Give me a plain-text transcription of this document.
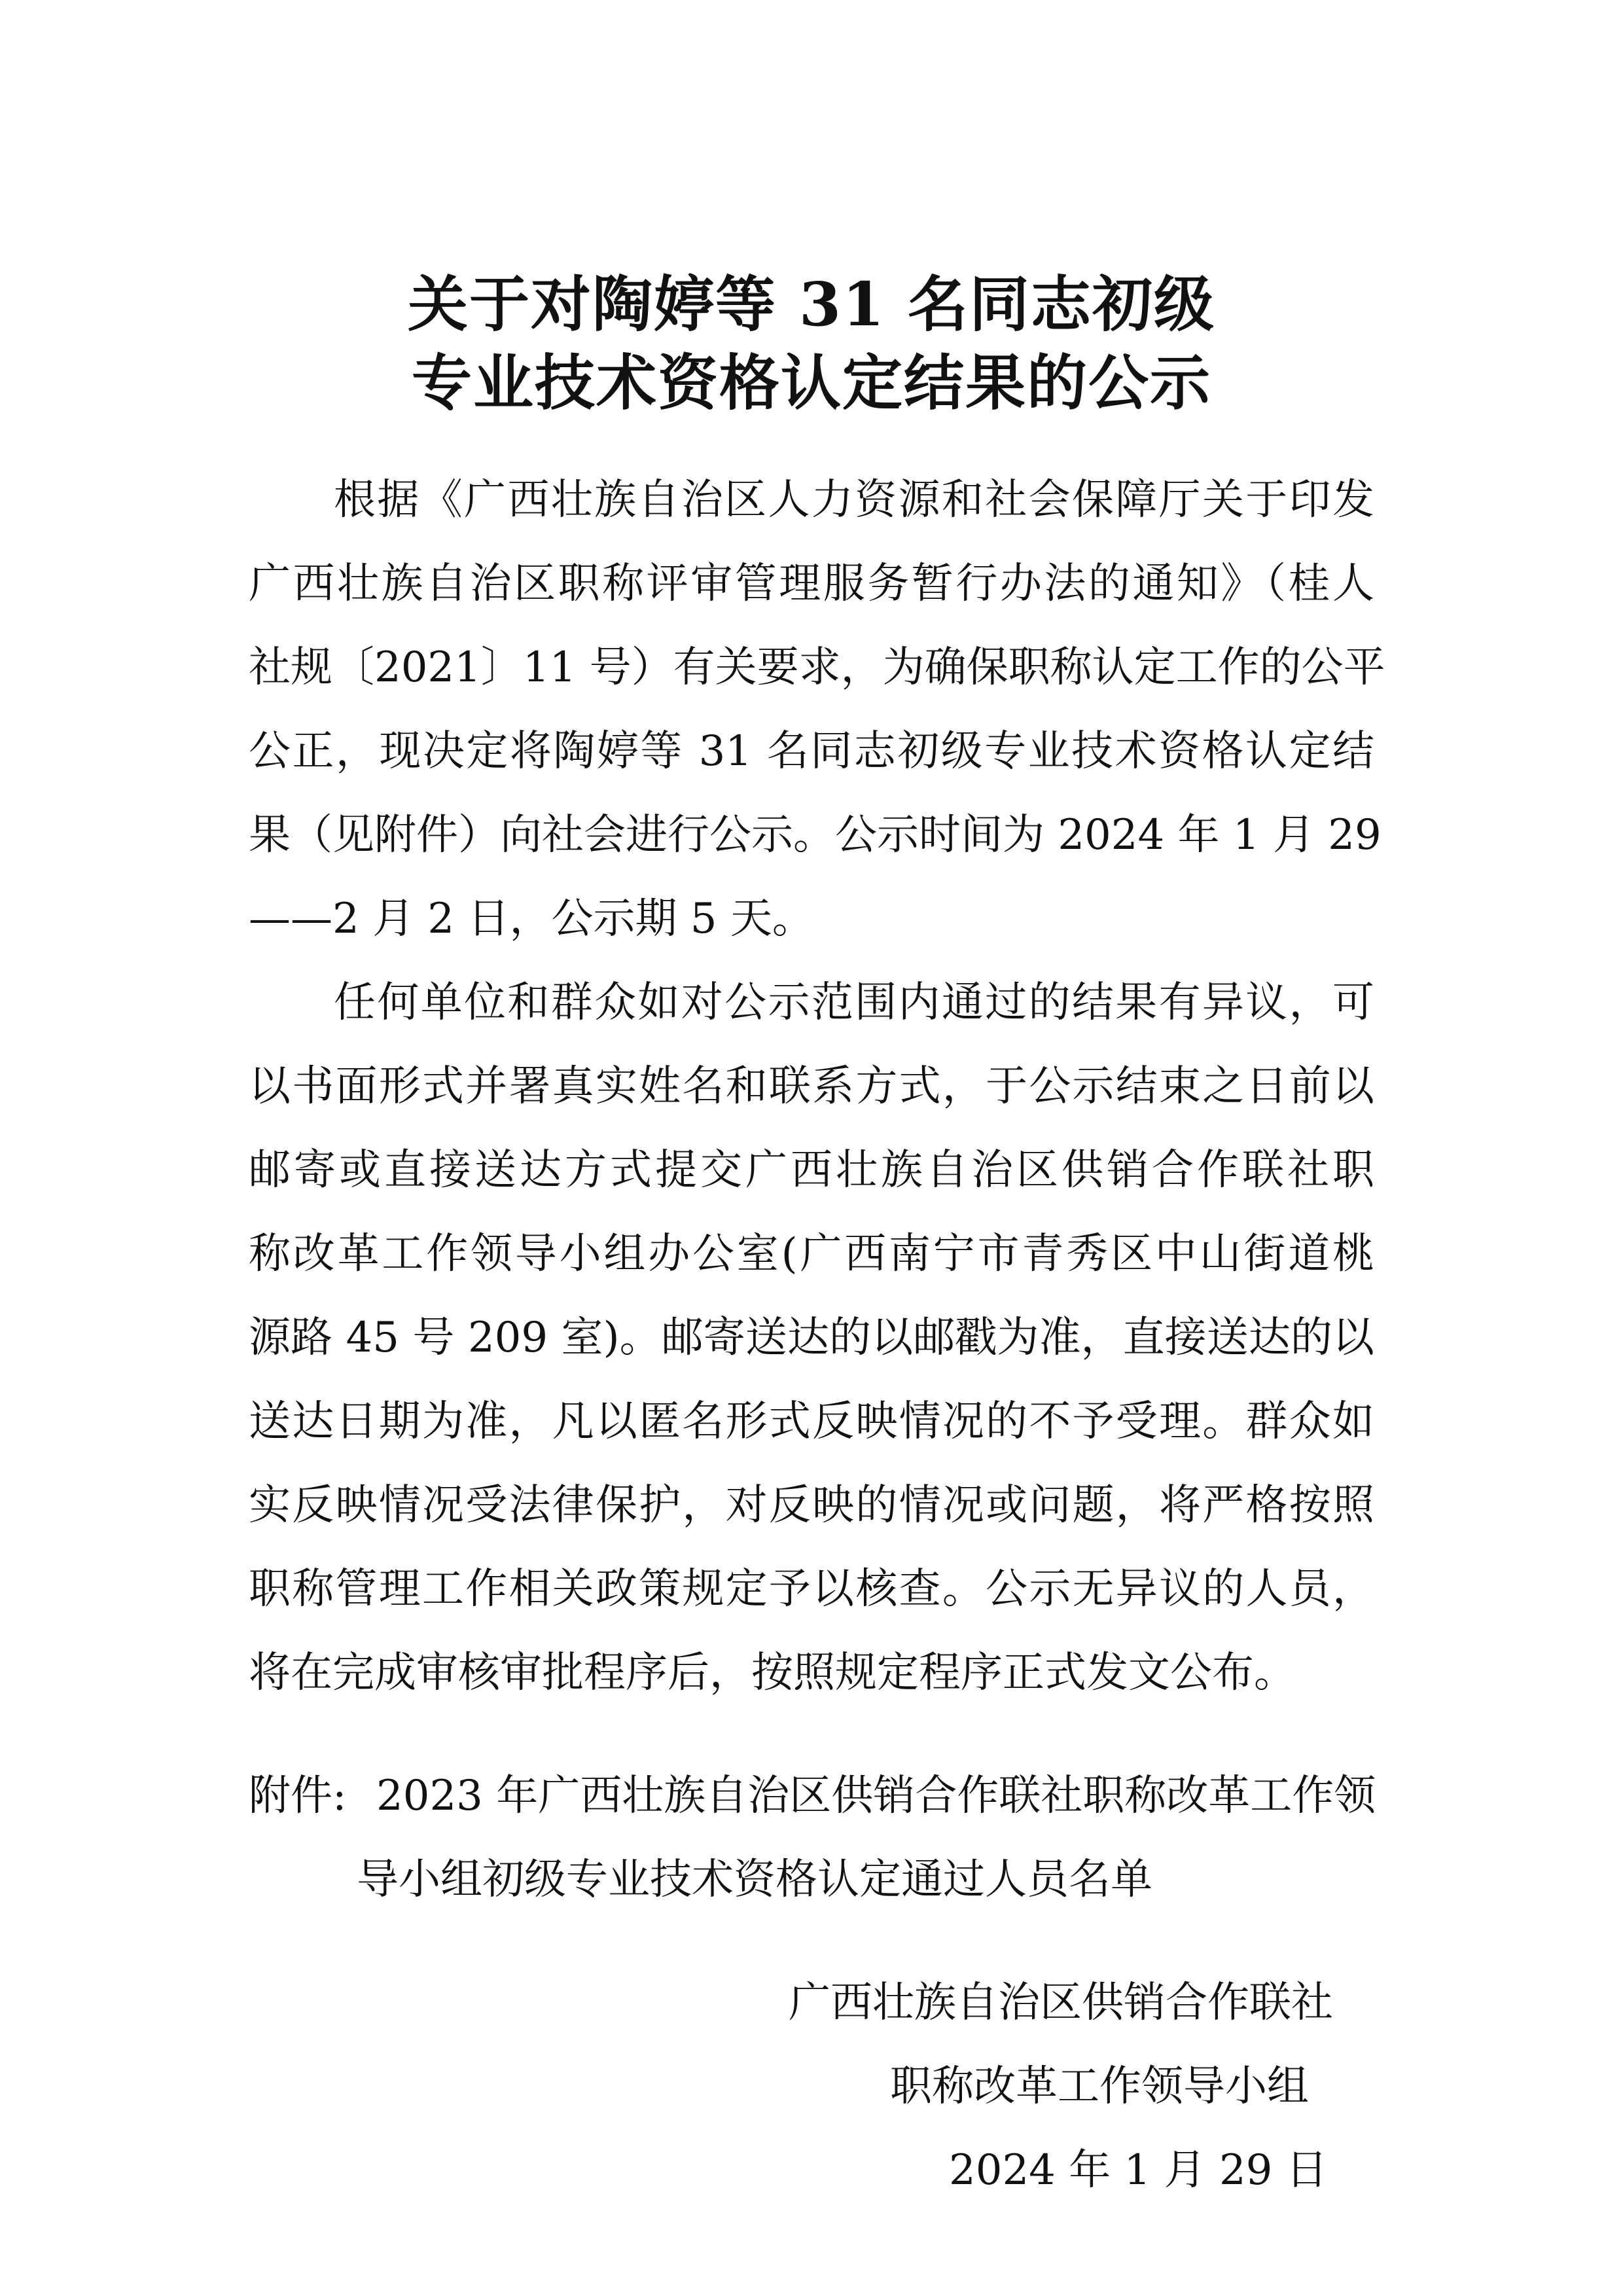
关于对陶婷等 31 名同志初级
专业技术资格认定结果的公示
根据《广西壮族自治区人力资源和社会保障厅关于印发
广西壮族自治区职称评审管理服务暂行办法的通知》（桂人
社规〔2021〕11 号）有关要求，为确保职称认定工作的公平
公正，现决定将陶婷等 31 名同志初级专业技术资格认定结
果（见附件）向社会进行公示。公示时间为 2024 年 1 月 29
——2 月 2 日，公示期 5 天。
任何单位和群众如对公示范围内通过的结果有异议，可
以书面形式并署真实姓名和联系方式，于公示结束之日前以
邮寄或直接送达方式提交广西壮族自治区供销合作联社职
称改革工作领导小组办公室(广西南宁市青秀区中山街道桃
源路 45 号 209 室)。邮寄送达的以邮戳为准，直接送达的以
送达日期为准，凡以匿名形式反映情况的不予受理。群众如
实反映情况受法律保护，对反映的情况或问题，将严格按照
职称管理工作相关政策规定予以核查。公示无异议的人员，
将在完成审核审批程序后，按照规定程序正式发文公布。
附件: 2023 年广西壮族自治区供销合作联社职称改革工作领
导小组初级专业技术资格认定通过人员名单
广西壮族自治区供销合作联社
职称改革工作领导小组
2024 年 1 月 29 日
